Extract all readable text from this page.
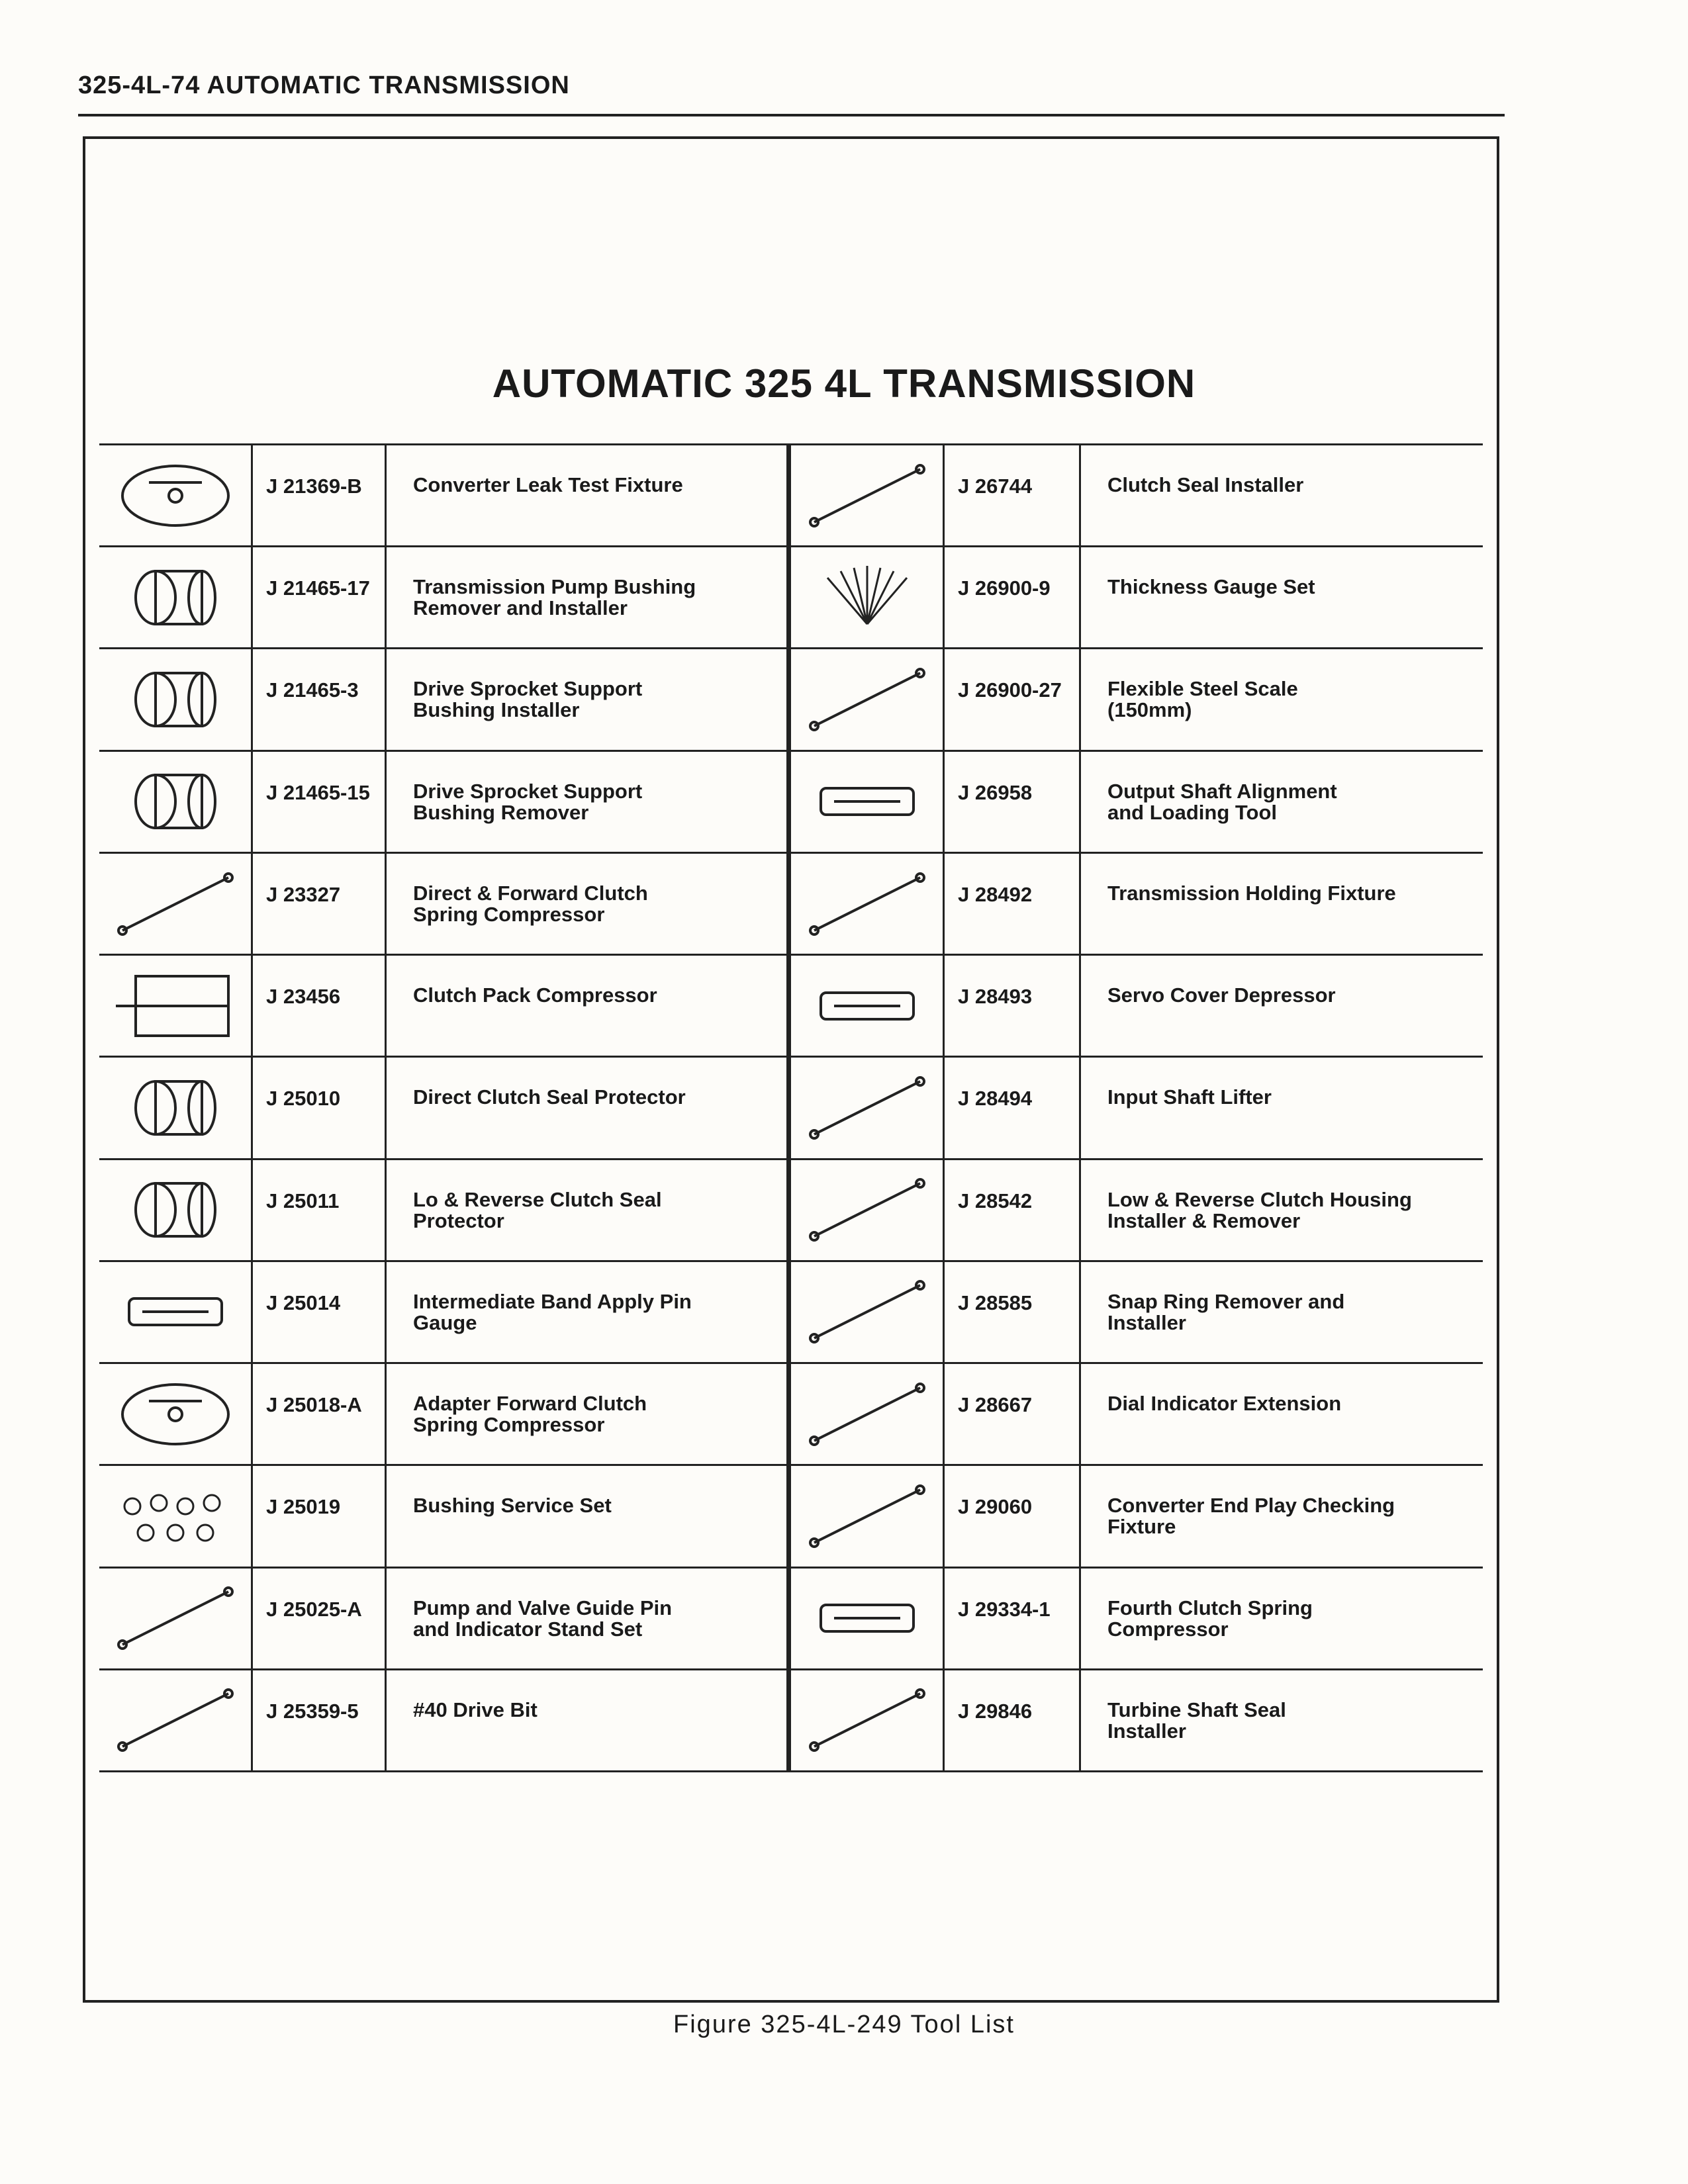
325-4L-74 AUTOMATIC TRANSMISSION
AUTOMATIC 325 4L TRANSMISSION
J 21369-B	Converter Leak Test Fixture
J 21465-17	Transmission Pump Bushing
Remover and Installer
J 21465-3	Drive Sprocket Support
Bushing Installer
J 21465-15	Drive Sprocket Support
Bushing Remover
J 23327	Direct & Forward Clutch
Spring Compressor
J 23456	Clutch Pack Compressor
J 25010	Direct Clutch Seal Protector
J 25011	Lo & Reverse Clutch Seal
Protector
J 25014	Intermediate Band Apply Pin
Gauge
J 25018-A	Adapter Forward Clutch
Spring Compressor
J 25019	Bushing Service Set
J 25025-A	Pump and Valve Guide Pin
and Indicator Stand Set
J 25359-5	#40 Drive Bit
J 26744	Clutch Seal Installer
J 26900-9	Thickness Gauge Set
J 26900-27	Flexible Steel Scale
(150mm)
J 26958	Output Shaft Alignment
and Loading Tool
J 28492	Transmission Holding Fixture
J 28493	Servo Cover Depressor
J 28494	Input Shaft Lifter
J 28542	Low & Reverse Clutch Housing
Installer & Remover
J 28585	Snap Ring Remover and
Installer
J 28667	Dial Indicator Extension
J 29060	Converter End Play Checking
Fixture
J 29334-1	Fourth Clutch Spring
Compressor
J 29846	Turbine Shaft Seal
Installer
Figure 325-4L-249 Tool List
